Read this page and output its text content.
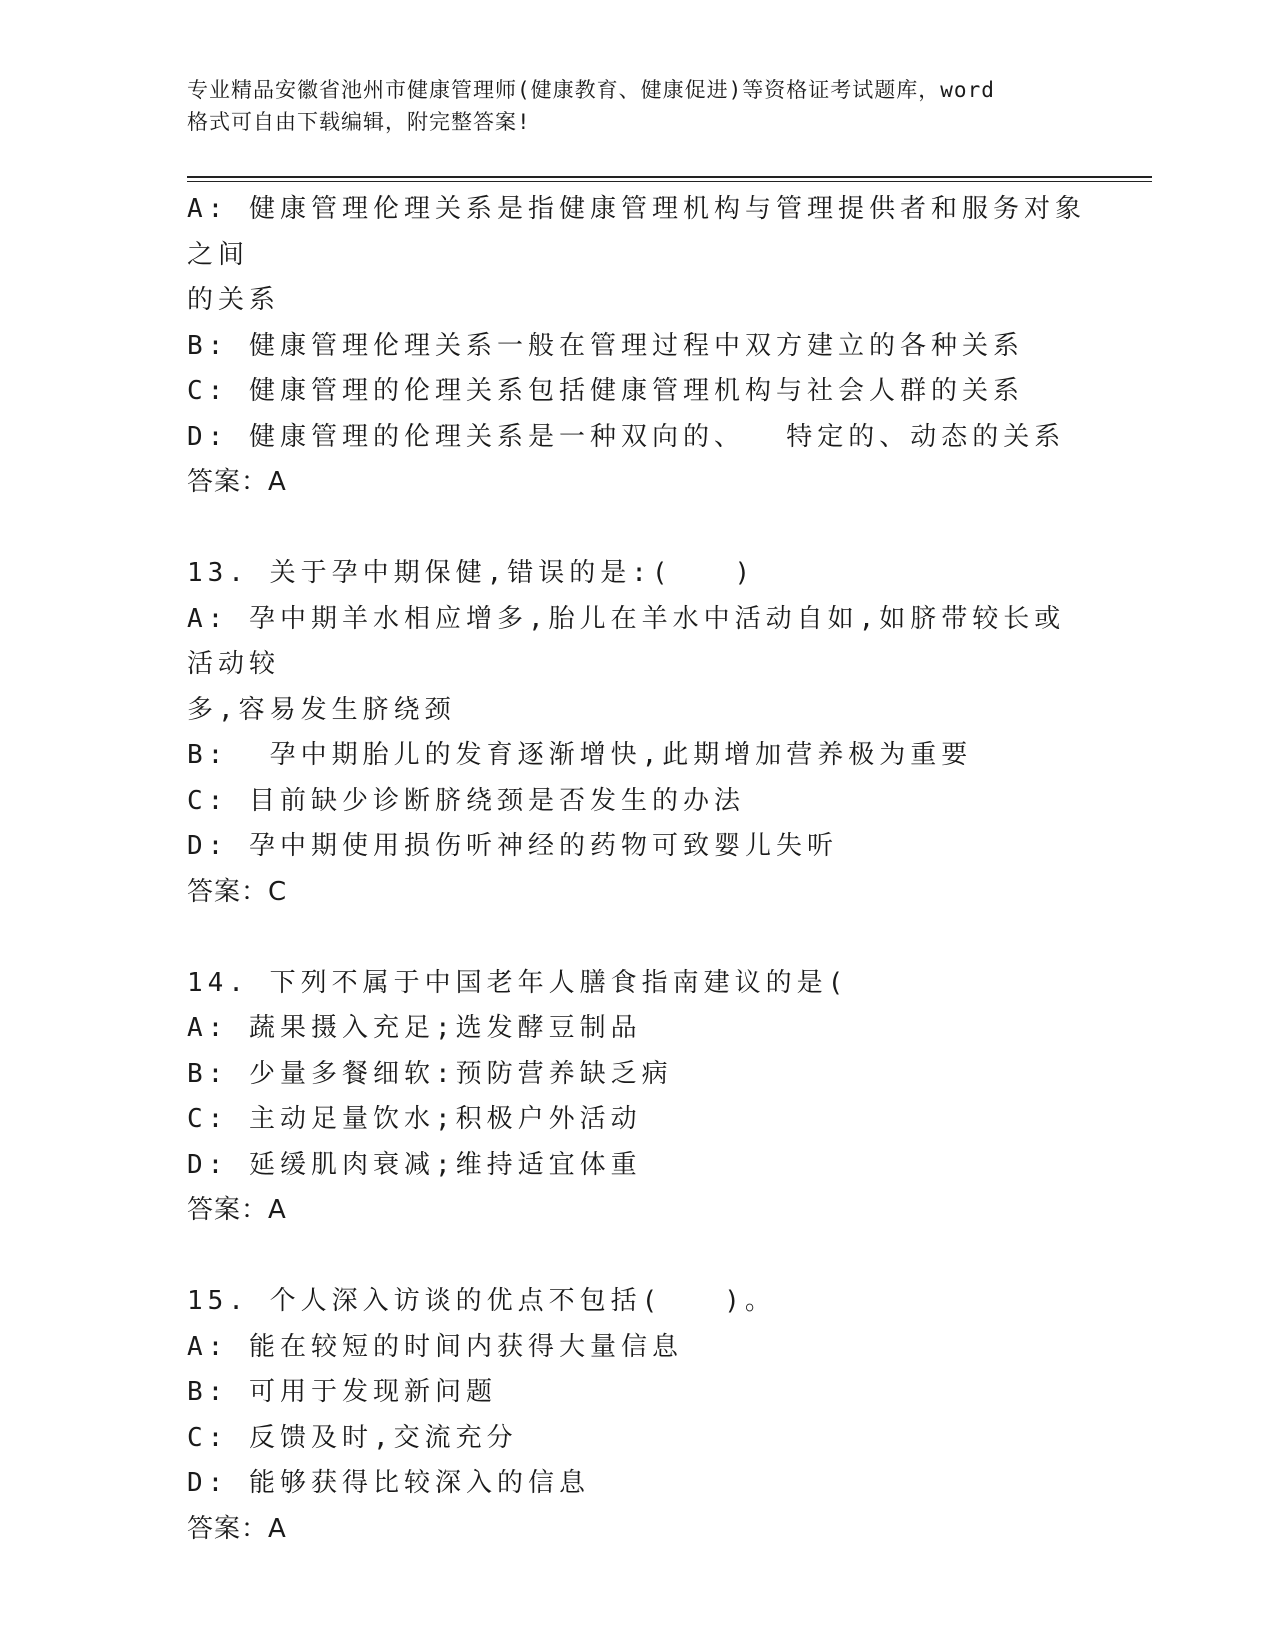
专业精品安徽省池州市健康管理师(健康教育、健康促进)等资格证考试题库，word
格式可自由下载编辑，附完整答案!
A: 健康管理伦理关系是指健康管理机构与管理提供者和服务对象之间
的关系
B: 健康管理伦理关系一般在管理过程中双方建立的各种关系
C: 健康管理的伦理关系包括健康管理机构与社会人群的关系
D: 健康管理的伦理关系是一种双向的、  特定的、动态的关系
答案：A
13. 关于孕中期保健,错误的是:(   )
A: 孕中期羊水相应增多,胎儿在羊水中活动自如,如脐带较长或活动较
多,容易发生脐绕颈
B:  孕中期胎儿的发育逐渐增快,此期增加营养极为重要
C: 目前缺少诊断脐绕颈是否发生的办法
D: 孕中期使用损伤听神经的药物可致婴儿失听
答案：C
14. 下列不属于中国老年人膳食指南建议的是(
A: 蔬果摄入充足;选发酵豆制品
B: 少量多餐细软:预防营养缺乏病
C: 主动足量饮水;积极户外活动
D: 延缓肌肉衰减;维持适宜体重
答案：A
15. 个人深入访谈的优点不包括(   )。
A: 能在较短的时间内获得大量信息
B: 可用于发现新问题
C: 反馈及时,交流充分
D: 能够获得比较深入的信息
答案：A
